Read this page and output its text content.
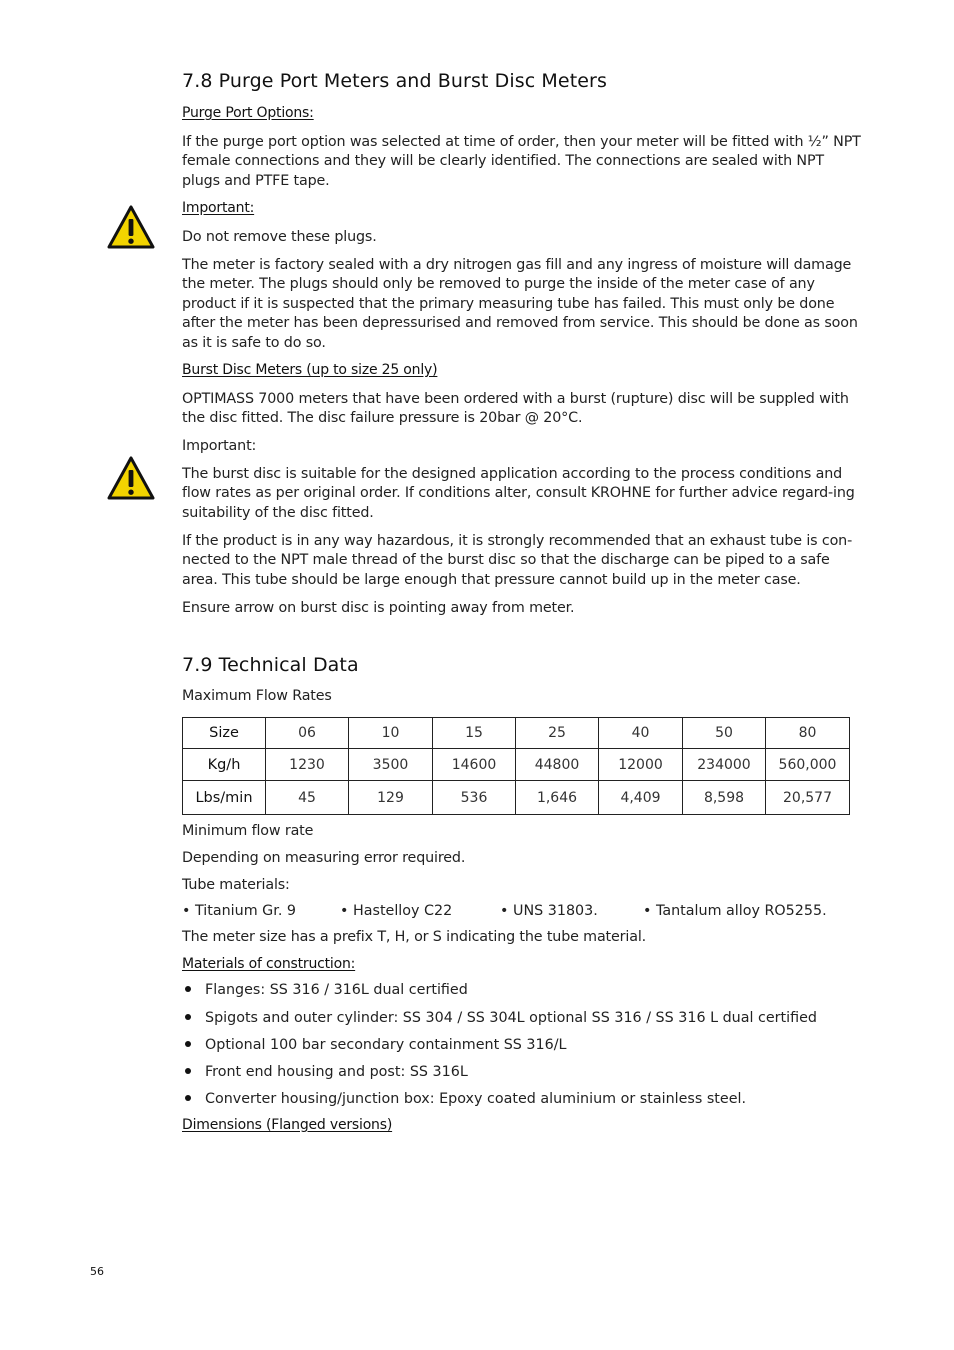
7.8 Purge Port Meters and Burst Disc Meters
Purge Port Options:
If the purge port option was selected at time of order, then your meter will be fitted with ½” NPT female connections and they will be clearly identified. The connections are sealed with NPT plugs and PTFE tape.
Important:
Do not remove these plugs.
The meter is factory sealed with a dry nitrogen gas fill and any ingress of moisture will damage the meter. The plugs should only be removed to purge the inside of the meter case of any product if it is suspected that the primary measuring tube has failed. This must only be done after the meter has been depressurised and removed from service. This should be done as soon as it is safe to do so.
Burst Disc Meters (up to size 25 only)
OPTIMASS 7000 meters that have been ordered with a burst (rupture) disc will be suppled with the disc fitted. The disc failure pressure is 20bar @ 20°C.
Important:
The burst disc is suitable for the designed application according to the process conditions and flow rates as per original order. If conditions alter, consult KROHNE for further advice regard-ing suitability of the disc fitted.
If the product is in any way hazardous, it is strongly recommended that an exhaust tube is con-nected to the NPT male thread of the burst disc so that the discharge can be piped to a safe area. This tube should be large enough that pressure cannot build up in the meter case.
Ensure arrow on burst disc is pointing away from meter.
7.9 Technical Data
Maximum Flow Rates
Size	06	10	15	25	40	50	80
Kg/h	1230	3500	14600	44800	12000	234000	560,000
Lbs/min	45	129	536	1,646	4,409	8,598	20,577
Minimum flow rate
Depending on measuring error required.
Tube materials:
• Titanium Gr. 9	• Hastelloy C22	• UNS 31803.	• Tantalum alloy RO5255.
The meter size has a prefix T, H, or S indicating the tube material.
Materials of construction:
Flanges: SS 316 / 316L dual certified
Spigots and outer cylinder: SS 304 / SS 304L optional SS 316 / SS 316 L dual certified
Optional 100 bar secondary containment SS 316/L
Front end housing and post: SS 316L
Converter housing/junction box: Epoxy coated aluminium or stainless steel.
Dimensions (Flanged versions)
56
